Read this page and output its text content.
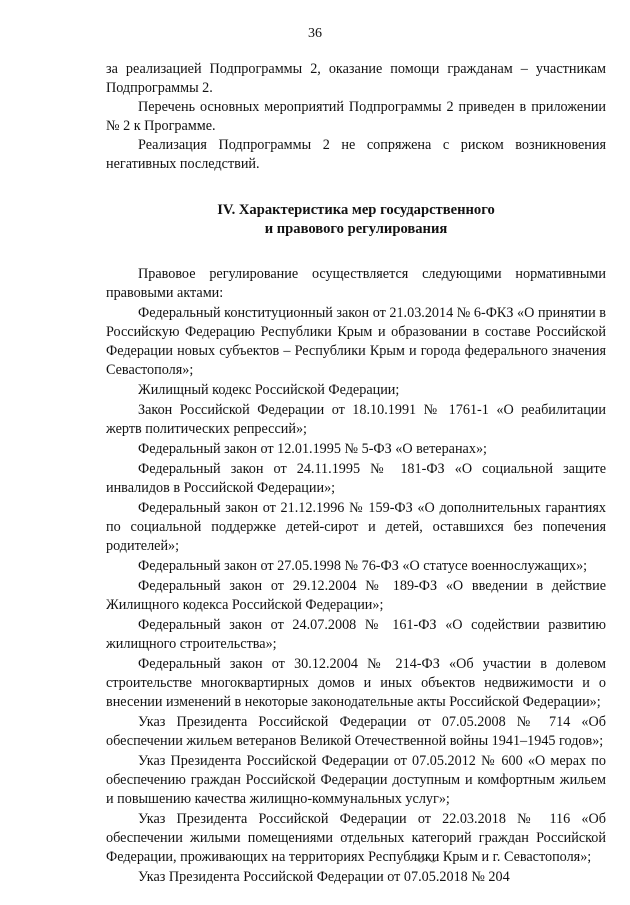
36

за реализацией Подпрограммы 2, оказание помощи гражданам – участникам Подпрограммы 2.

Перечень основных мероприятий Подпрограммы 2 приведен в приложении № 2 к Программе.

Реализация Подпрограммы 2 не сопряжена с риском возникновения негативных последствий.

IV. Характеристика мер государственного
и правового регулирования

Правовое регулирование осуществляется следующими нормативными правовыми актами:

Федеральный конституционный закон от 21.03.2014 № 6-ФКЗ «О принятии в Российскую Федерацию Республики Крым и образовании в составе Российской Федерации новых субъектов – Республики Крым и города федерального значения Севастополя»;

Жилищный кодекс Российской Федерации;

Закон Российской Федерации от 18.10.1991 № 1761-1 «О реабилитации жертв политических репрессий»;

Федеральный закон от 12.01.1995 № 5-ФЗ «О ветеранах»;

Федеральный закон от 24.11.1995 № 181-ФЗ «О социальной защите инвалидов в Российской Федерации»;

Федеральный закон от 21.12.1996 № 159-ФЗ «О дополнительных гарантиях по социальной поддержке детей-сирот и детей, оставшихся без попечения родителей»;

Федеральный закон от 27.05.1998 № 76-ФЗ «О статусе военнослужащих»;

Федеральный закон от 29.12.2004 № 189-ФЗ «О введении в действие Жилищного кодекса Российской Федерации»;

Федеральный закон от 24.07.2008 № 161-ФЗ «О содействии развитию жилищного строительства»;

Федеральный закон от 30.12.2004 № 214-ФЗ «Об участии в долевом строительстве многоквартирных домов и иных объектов недвижимости и о внесении изменений в некоторые законодательные акты Российской Федерации»;

Указ Президента Российской Федерации от 07.05.2008 № 714 «Об обеспечении жильем ветеранов Великой Отечественной войны 1941–1945 годов»;

Указ Президента Российской Федерации от 07.05.2012 № 600 «О мерах по обеспечению граждан Российской Федерации доступным и комфортным жильем и повышению качества жилищно-коммунальных услуг»;

Указ Президента Российской Федерации от 22.03.2018 № 116 «Об обеспечении жилыми помещениями отдельных категорий граждан Российской Федерации, проживающих на территориях Республики Крым и г. Севастополя»;

Указ Президента Российской Федерации от 07.05.2018 № 204
